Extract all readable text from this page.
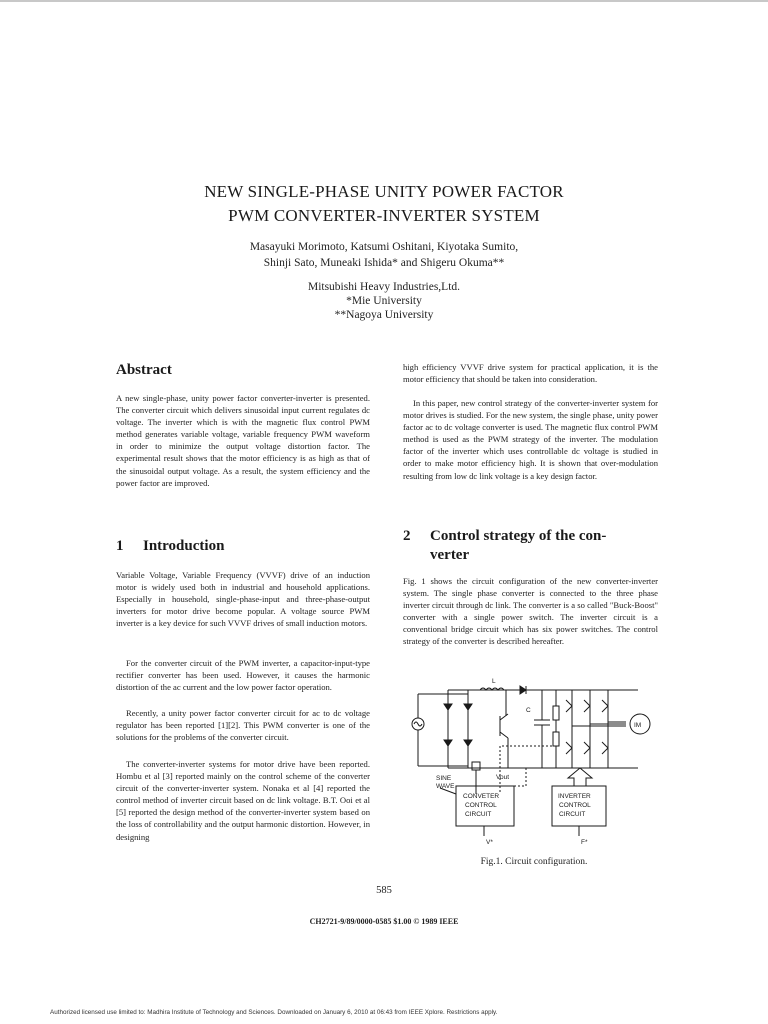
NEW SINGLE-PHASE UNITY POWER FACTOR
PWM CONVERTER-INVERTER SYSTEM
Masayuki Morimoto, Katsumi Oshitani, Kiyotaka Sumito,
Shinji Sato, Muneaki Ishida* and Shigeru Okuma**
Mitsubishi Heavy Industries,Ltd.
*Mie University
**Nagoya University
Abstract

A new single-phase, unity power factor converter-inverter is presented. The converter circuit which delivers sinusoidal input current regulates dc voltage. The inverter which is with the magnetic flux control PWM method generates variable voltage, variable frequency PWM waveform in order to minimize the output voltage distortion factor. The experimental result shows that the motor efficiency is as high as that of the sinusoidal output voltage. As a result, the system efficiency and the power factor are improved.

1 Introduction

Variable Voltage, Variable Frequency (VVVF) drive of an induction motor is widely used both in industrial and household applications. Especially in household, single-phase-input and three-phase-output inverters for motor drive become popular. A voltage source PWM inverter is a key device for such VVVF drives of small induction motors.

For the converter circuit of the PWM inverter, a capacitor-input-type rectifier converter has been used. However, it causes the harmonic distortion of the ac current and the low power factor operation.

Recently, a unity power factor converter circuit for ac to dc voltage regulator has been reported [1][2]. This PWM converter is one of the solutions for the problems of the converter circuit.

The converter-inverter systems for motor drive have been reported. Hombu et al [3] reported mainly on the control scheme of the converter circuit of the converter-inverter system. Nonaka et al [4] reported the control method of inverter circuit based on dc link voltage. B.T. Ooi et al [5] reported the design method of the converter-inverter system based on the loss of controllability and the output harmonic distortion. However, in designing

high efficiency VVVF drive system for practical application, it is the motor efficiency that should be taken into consideration.

In this paper, new control strategy of the converter-inverter system for motor drives is studied. For the new system, the single phase, unity power factor ac to dc voltage converter is used. The magnetic flux control PWM method is used as the PWM strategy of the inverter. The modulation factor of the inverter which uses controllable dc voltage is studied in order to make motor efficiency high. It is shown that over-modulation resulting from low dc link voltage is a key design factor.

2 Control strategy of the con-
verter

Fig. 1 shows the circuit configuration of the new converter-inverter system. The single phase converter is connected to the three phase inverter circuit through dc link. The converter is a so called "Buck-Boost" converter with a single power switch. The inverter circuit is a conventional bridge circuit which has six power switches. The control strategy of the converter is described hereafter.

L
C
Vout
SINE
WAVE
CONVETER
CONTROL
CIRCUIT
INVERTER
CONTROL
CIRCUIT
IM
V*	F*
Fig.1. Circuit configuration.
585
CH2721-9/89/0000-0585 $1.00 © 1989 IEEE
Authorized licensed use limited to: Madhira Institute of Technology and Sciences. Downloaded on January 6, 2010 at 06:43 from IEEE Xplore. Restrictions apply.
